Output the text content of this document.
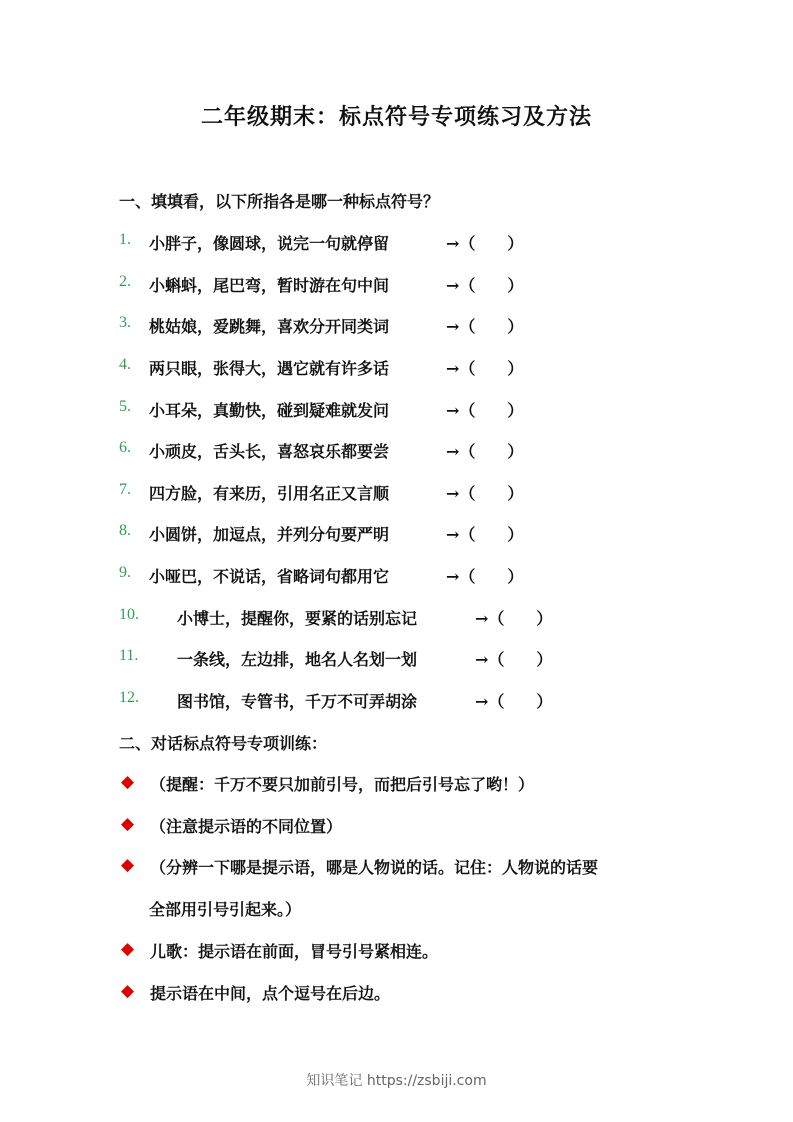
二年级期末：标点符号专项练习及方法
一、填填看，以下所指各是哪一种标点符号？
1. 小胖子，像圆球，说完一句就停留	→（　　）
2. 小蝌蚪，尾巴弯，暂时游在句中间	→（　　）
3. 桃姑娘，爱跳舞，喜欢分开同类词	→（　　）
4. 两只眼，张得大，遇它就有许多话	→（　　）
5. 小耳朵，真勤快，碰到疑难就发问	→（　　）
6. 小顽皮，舌头长，喜怒哀乐都要尝	→（　　）
7. 四方脸，有来历，引用名正又言顺	→（　　）
8. 小圆饼，加逗点，并列分句要严明	→（　　）
9. 小哑巴，不说话，省略词句都用它	→（　　）
10. 小博士，提醒你，要紧的话别忘记	→（　　）
11. 一条线，左边排，地名人名划一划	→（　　）
12. 图书馆，专管书，千万不可弄胡涂	→（　　）
二、对话标点符号专项训练：
◆ （提醒：千万不要只加前引号，而把后引号忘了哟！）
◆ （注意提示语的不同位置）
◆ （分辨一下哪是提示语，哪是人物说的话。记住：人物说的话要
全部用引号引起来。）
◆ 儿歌：提示语在前面，冒号引号紧相连。
◆ 提示语在中间，点个逗号在后边。
知识笔记 https://zsbiji.com
